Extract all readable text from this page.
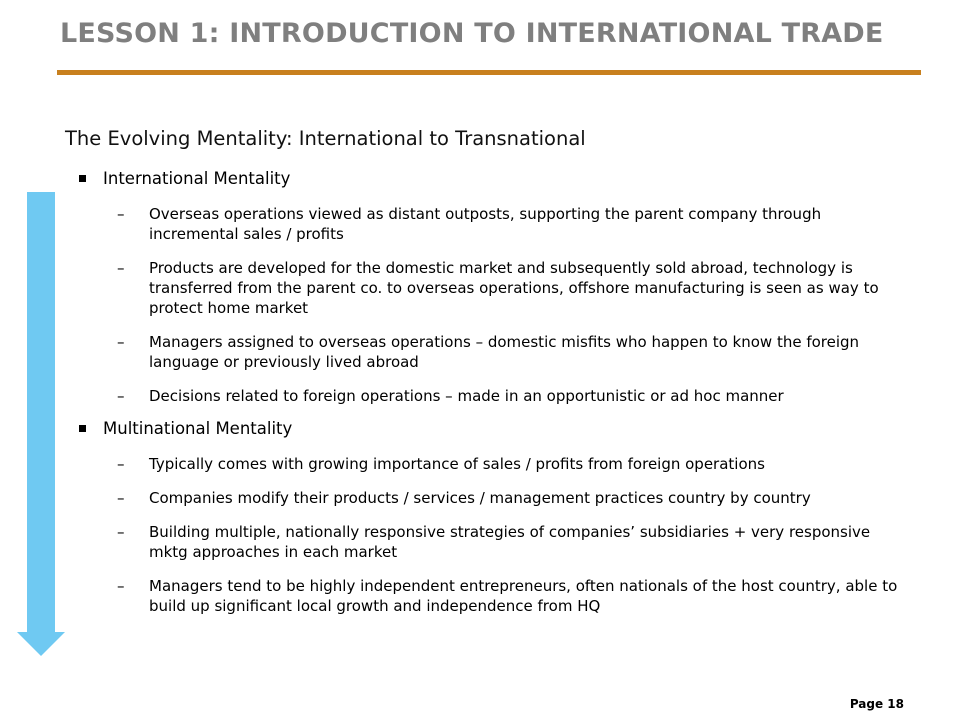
LESSON 1: INTRODUCTION TO INTERNATIONAL TRADE
The Evolving Mentality: International to Transnational
International Mentality
– Overseas operations viewed as distant outposts, supporting the parent company through incremental sales / profits
– Products are developed for the domestic market and subsequently sold abroad, technology is transferred from the parent co. to overseas operations, offshore manufacturing is seen as way to protect home market
– Managers assigned to overseas operations – domestic misfits who happen to know the foreign language or previously lived abroad
– Decisions related to foreign operations – made in an opportunistic or ad hoc manner
Multinational Mentality
– Typically comes with growing importance of sales / profits from foreign operations
– Companies modify their products / services / management practices country by country
– Building multiple, nationally responsive strategies of companies’ subsidiaries + very responsive mktg approaches in each market
– Managers tend to be highly independent entrepreneurs, often nationals of the host country, able to build up significant local growth and independence from HQ
Page 18
